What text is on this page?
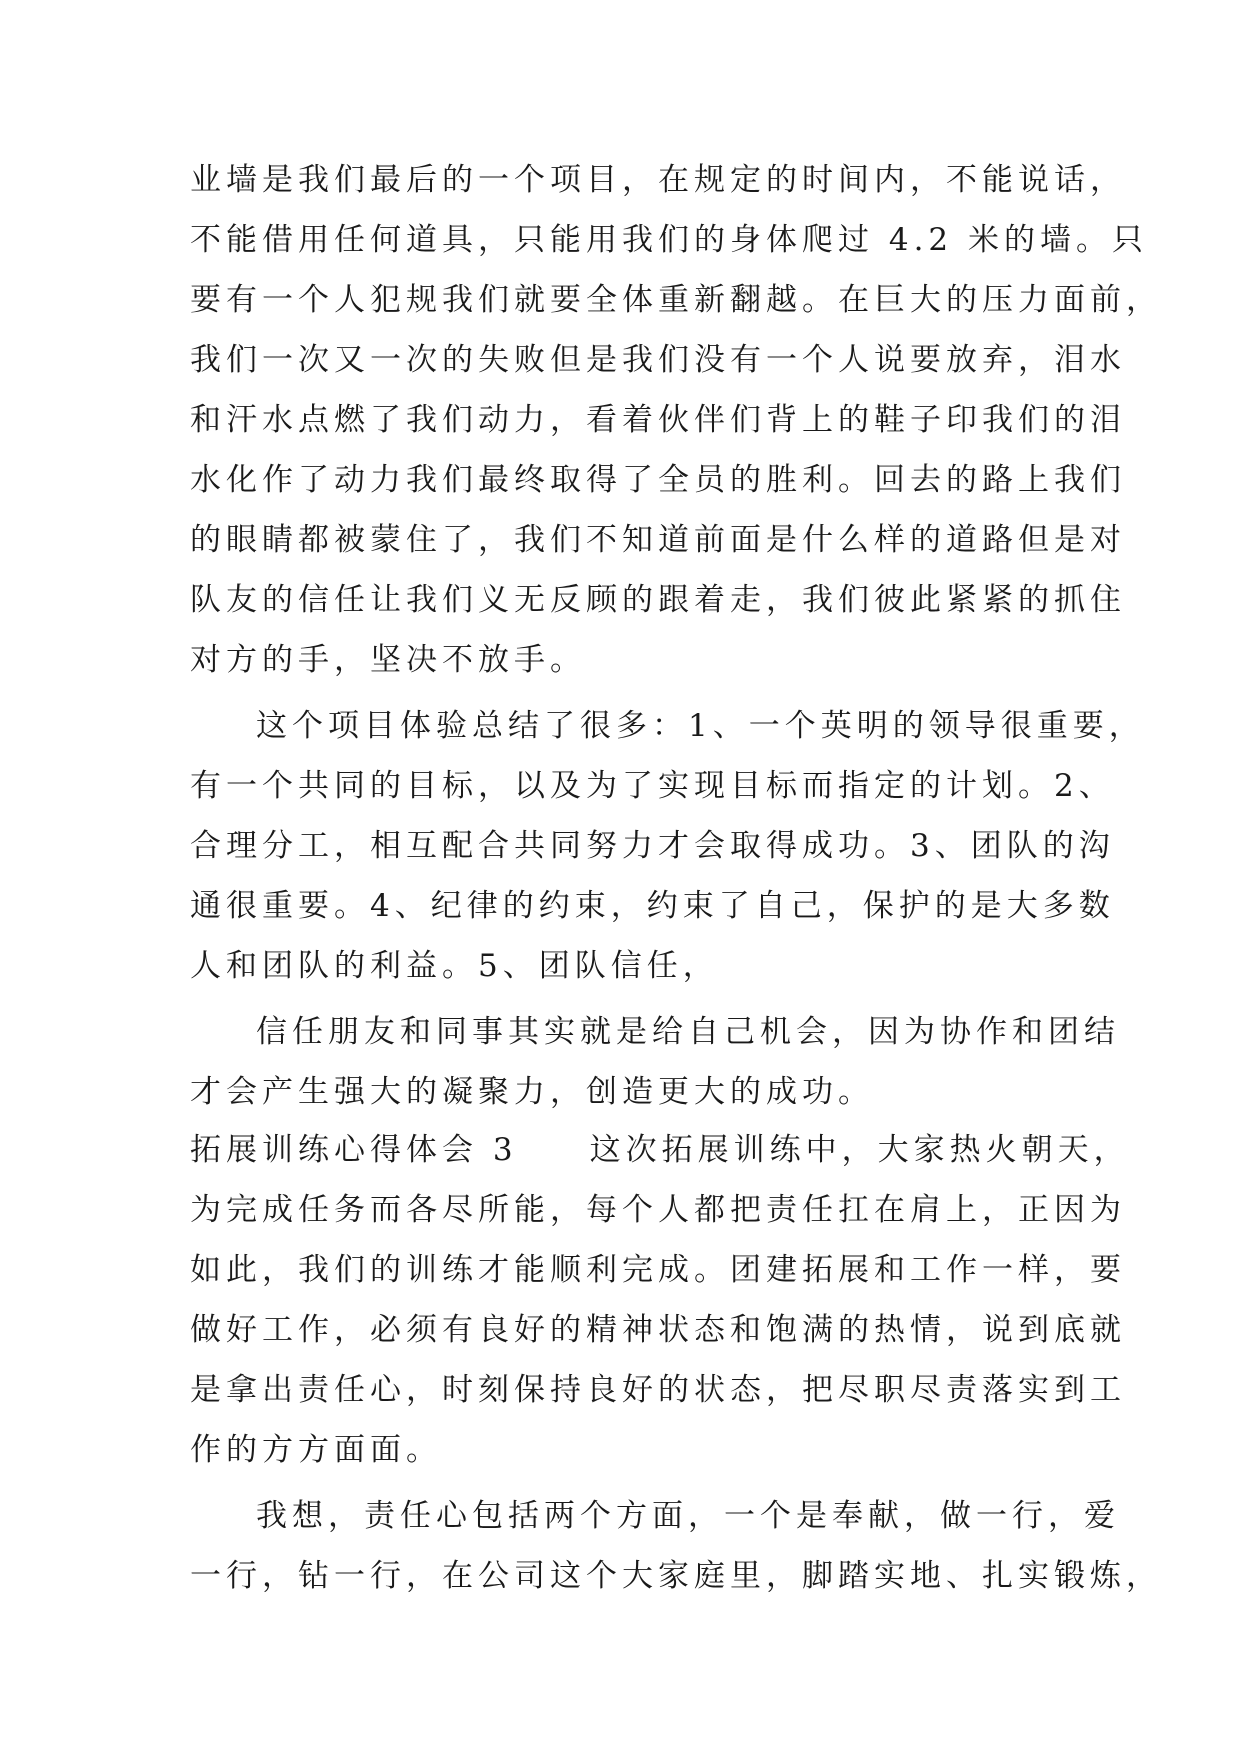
业墙是我们最后的一个项目，在规定的时间内，不能说话，
不能借用任何道具，只能用我们的身体爬过 4.2 米的墙。只
要有一个人犯规我们就要全体重新翻越。在巨大的压力面前，
我们一次又一次的失败但是我们没有一个人说要放弃，泪水
和汗水点燃了我们动力，看着伙伴们背上的鞋子印我们的泪
水化作了动力我们最终取得了全员的胜利。回去的路上我们
的眼睛都被蒙住了，我们不知道前面是什么样的道路但是对
队友的信任让我们义无反顾的跟着走，我们彼此紧紧的抓住
对方的手，坚决不放手。
这个项目体验总结了很多：1、一个英明的领导很重要，
有一个共同的目标，以及为了实现目标而指定的计划。2、
合理分工，相互配合共同努力才会取得成功。3、团队的沟
通很重要。4、纪律的约束，约束了自己，保护的是大多数
人和团队的利益。5、团队信任，
信任朋友和同事其实就是给自己机会，因为协作和团结
才会产生强大的凝聚力，创造更大的成功。
拓展训练心得体会 3　　这次拓展训练中，大家热火朝天，
为完成任务而各尽所能，每个人都把责任扛在肩上，正因为
如此，我们的训练才能顺利完成。团建拓展和工作一样，要
做好工作，必须有良好的精神状态和饱满的热情，说到底就
是拿出责任心，时刻保持良好的状态，把尽职尽责落实到工
作的方方面面。
我想，责任心包括两个方面，一个是奉献，做一行，爱
一行，钻一行，在公司这个大家庭里，脚踏实地、扎实锻炼，
